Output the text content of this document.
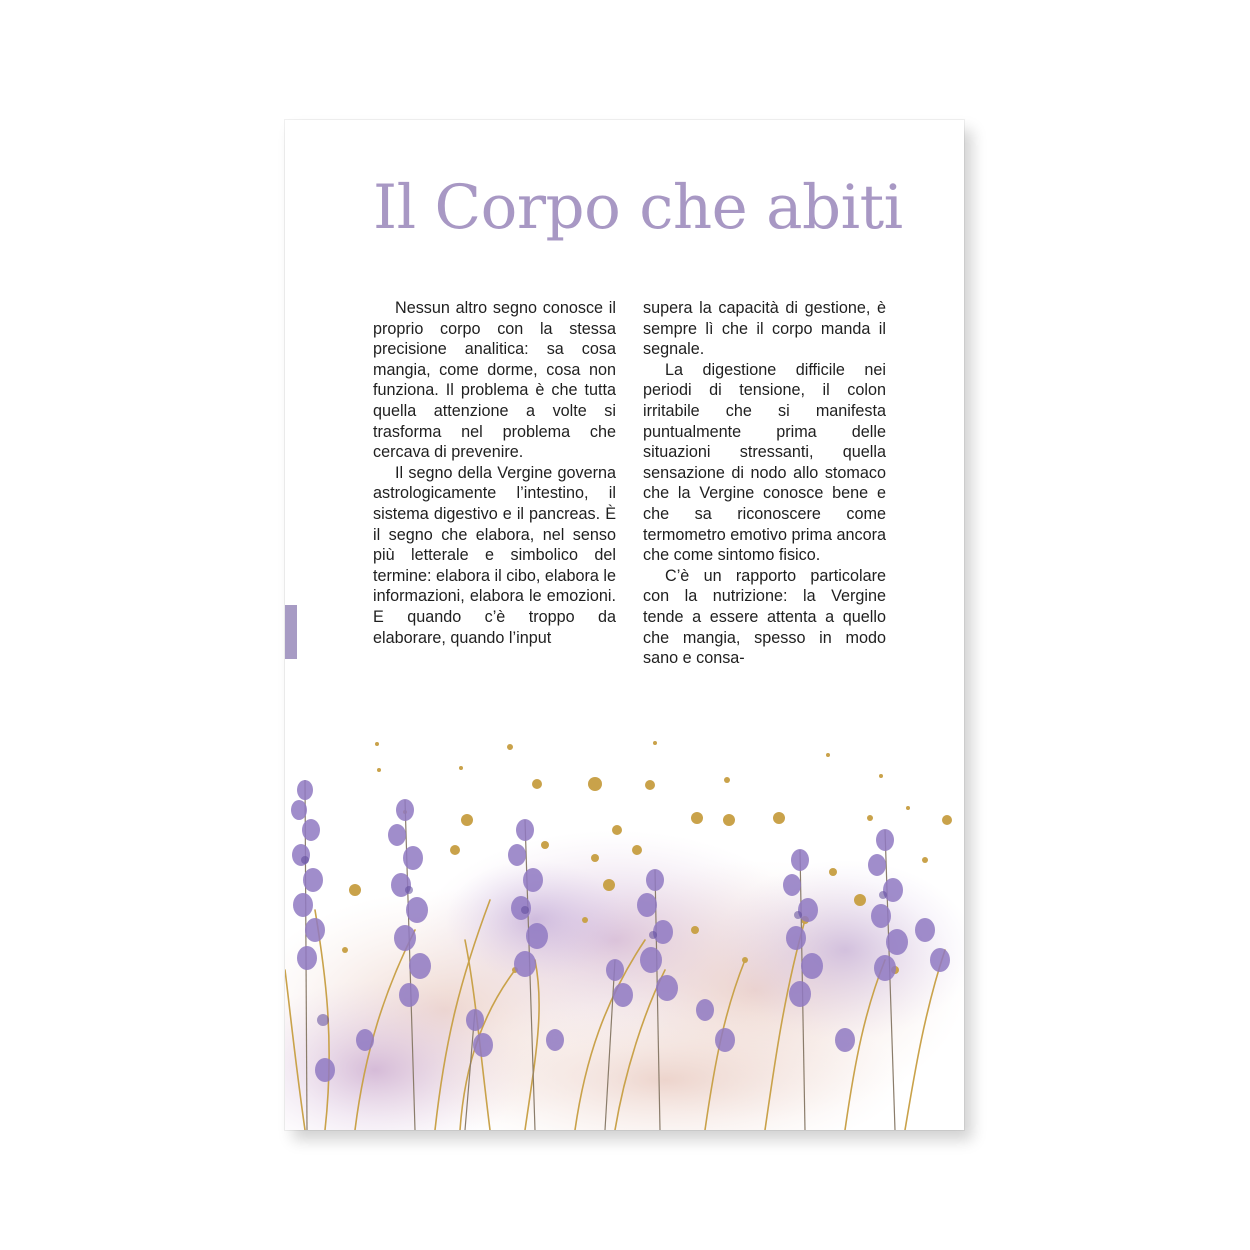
Il Corpo che abiti

Nessun altro segno conosce il proprio corpo con la stessa precisione analitica: sa cosa mangia, come dorme, cosa non funziona. Il problema è che tutta quella attenzione a volte si trasforma nel problema che cercava di prevenire.

Il segno della Vergine governa astrologicamente l’intestino, il sistema digestivo e il pancreas. È il segno che elabora, nel senso più letterale e simbolico del termine: elabora il cibo, elabora le informazioni, elabora le emozioni. E quando c’è troppo da elaborare, quando l’input

supera la capacità di gestione, è sempre lì che il corpo manda il segnale.

La digestione difficile nei periodi di tensione, il colon irritabile che si manifesta puntualmente prima delle situazioni stressanti, quella sensazione di nodo allo stomaco che la Vergine conosce bene e che sa riconoscere come termometro emotivo prima ancora che come sintomo fisico.

C’è un rapporto particolare con la nutrizione: la Vergine tende a essere attenta a quello che mangia, spesso in modo sano e consa-
